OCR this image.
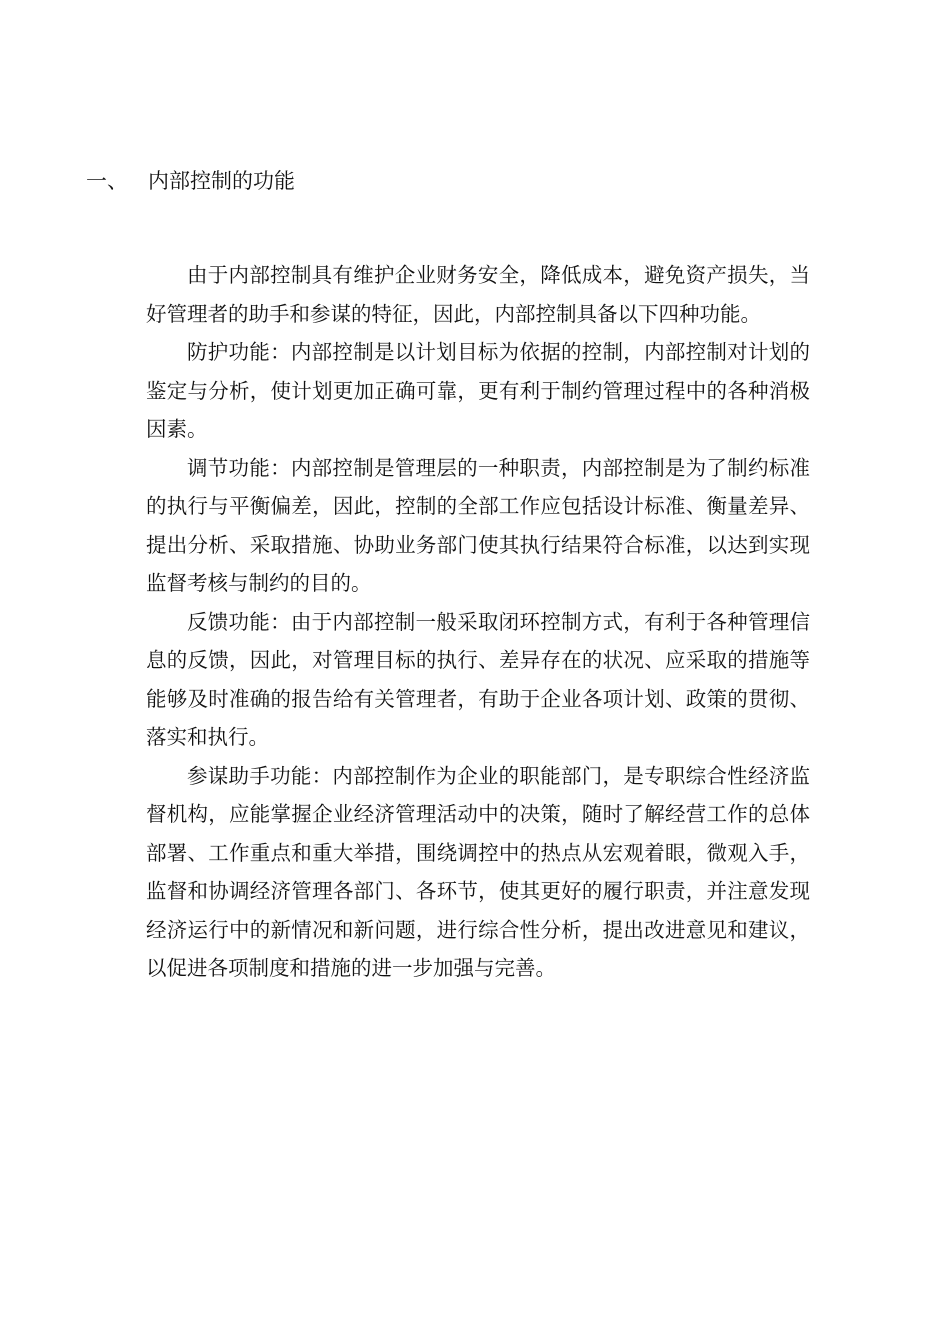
一、 内部控制的功能

由于内部控制具有维护企业财务安全，降低成本，避免资产损失，当好管理者的助手和参谋的特征，因此，内部控制具备以下四种功能。

防护功能：内部控制是以计划目标为依据的控制，内部控制对计划的鉴定与分析，使计划更加正确可靠，更有利于制约管理过程中的各种消极因素。

调节功能：内部控制是管理层的一种职责，内部控制是为了制约标准的执行与平衡偏差，因此，控制的全部工作应包括设计标准、衡量差异、提出分析、采取措施、协助业务部门使其执行结果符合标准，以达到实现监督考核与制约的目的。

反馈功能：由于内部控制一般采取闭环控制方式，有利于各种管理信息的反馈，因此，对管理目标的执行、差异存在的状况、应采取的措施等能够及时准确的报告给有关管理者，有助于企业各项计划、政策的贯彻、落实和执行。

参谋助手功能：内部控制作为企业的职能部门，是专职综合性经济监督机构，应能掌握企业经济管理活动中的决策，随时了解经营工作的总体部署、工作重点和重大举措，围绕调控中的热点从宏观着眼，微观入手，监督和协调经济管理各部门、各环节，使其更好的履行职责，并注意发现经济运行中的新情况和新问题，进行综合性分析，提出改进意见和建议，以促进各项制度和措施的进一步加强与完善。
